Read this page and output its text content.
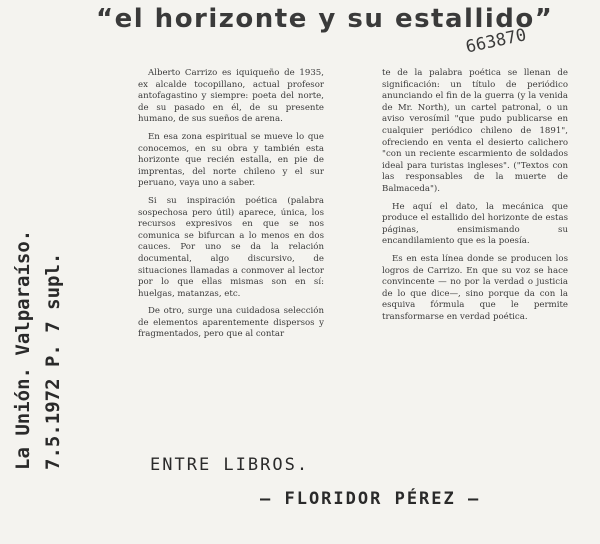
“el horizonte y su estallido”
663870
La Unión. Valparaíso. 7.5.1972 P. 7 supl.

Alberto Carrizo es iquiqueño de 1935, ex alcalde tocopillano, actual profesor antofagastino y siempre: poeta del norte, de su pasado en él, de su presente humano, de sus sueños de arena.

En esa zona espiritual se mueve lo que conocemos, en su obra y también esta horizonte que recién estalla, en pie de imprentas, del norte chileno y el sur peruano, vaya uno a saber.

Si su inspiración poética (palabra sospechosa pero útil) aparece, única, los recursos expresivos en que se nos comunica se bifurcan a lo menos en dos cauces. Por uno se da la relación documental, algo discursivo, de situaciones llamadas a conmover al lector por lo que ellas mismas son en sí: huelgas, matanzas, etc.

De otro, surge una cuidadosa selección de elementos aparentemente dispersos y fragmentados, pero que al contar

te de la palabra poética se llenan de significación: un título de periódico anunciando el fin de la guerra (y la venida de Mr. North), un cartel patronal, o un aviso verosímil "que pudo publicarse en cualquier periódico chileno de 1891", ofreciendo en venta el desierto calichero "con un reciente escarmiento de soldados ideal para turistas ingleses". ("Textos con las responsables de la muerte de Balmaceda").

He aquí el dato, la mecánica que produce el estallido del horizonte de estas páginas, ensimismando su encandilamiento que es la poesía.

Es en esta línea donde se producen los logros de Carrizo. En que su voz se hace convincente — no por la verdad o justicia de lo que dice—, sino porque da con la esquiva fórmula que le permite transformarse en verdad poética.

ENTRE LIBROS.
— FLORIDOR PÉREZ —
